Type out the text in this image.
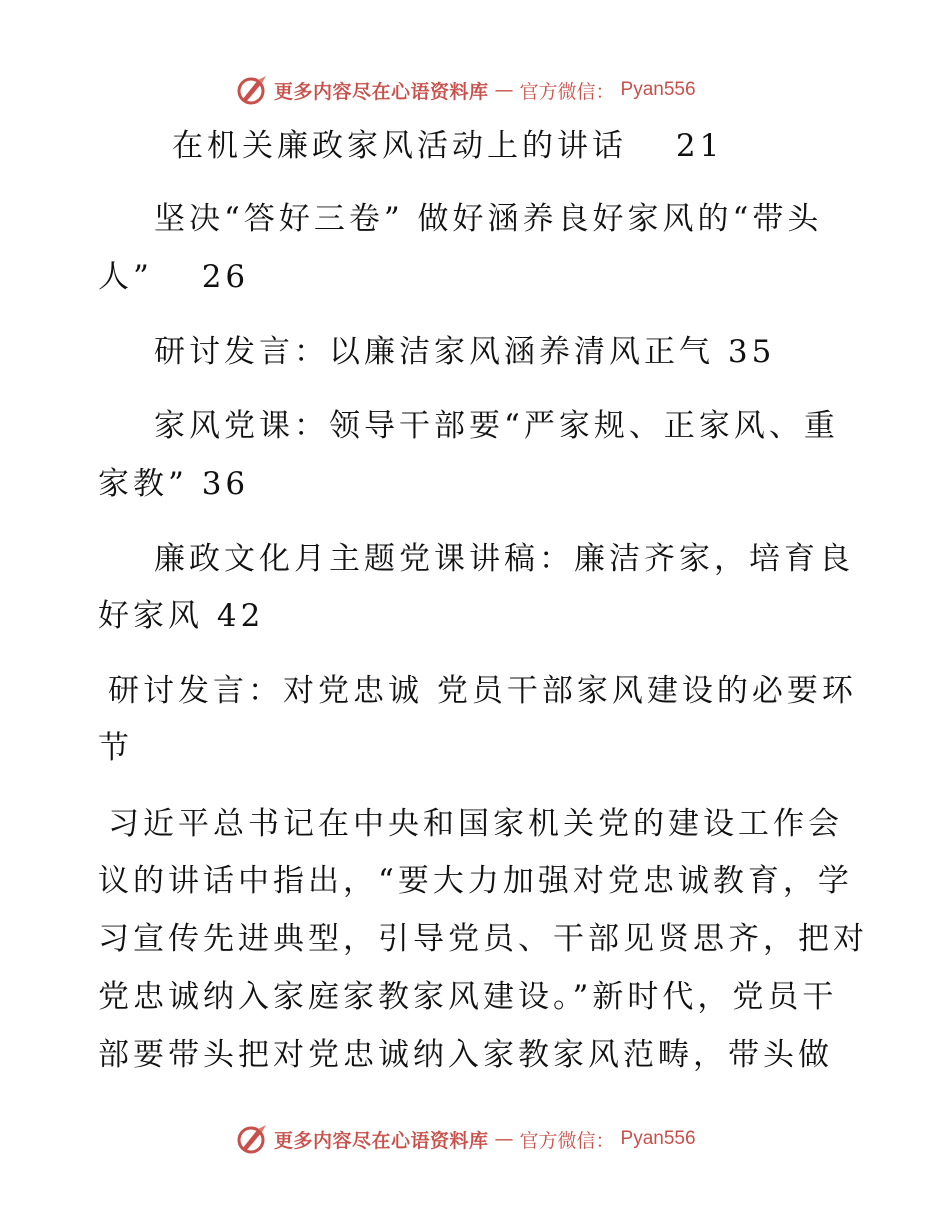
更多内容尽在心语资料库 — 官方微信： Pyan556
在机关廉政家风活动上的讲话　 21
坚决“答好三卷” 做好涵养良好家风的“带头
人”　 26
研讨发言：以廉洁家风涵养清风正气 35
家风党课：领导干部要“严家规、正家风、重
家教” 36
廉政文化月主题党课讲稿：廉洁齐家，培育良
好家风 42
研讨发言：对党忠诚 党员干部家风建设的必要环
节
习近平总书记在中央和国家机关党的建设工作会
议的讲话中指出，“要大力加强对党忠诚教育，学
习宣传先进典型，引导党员、干部见贤思齐，把对
党忠诚纳入家庭家教家风建设。”新时代，党员干
部要带头把对党忠诚纳入家教家风范畴，带头做
更多内容尽在心语资料库 — 官方微信： Pyan556
